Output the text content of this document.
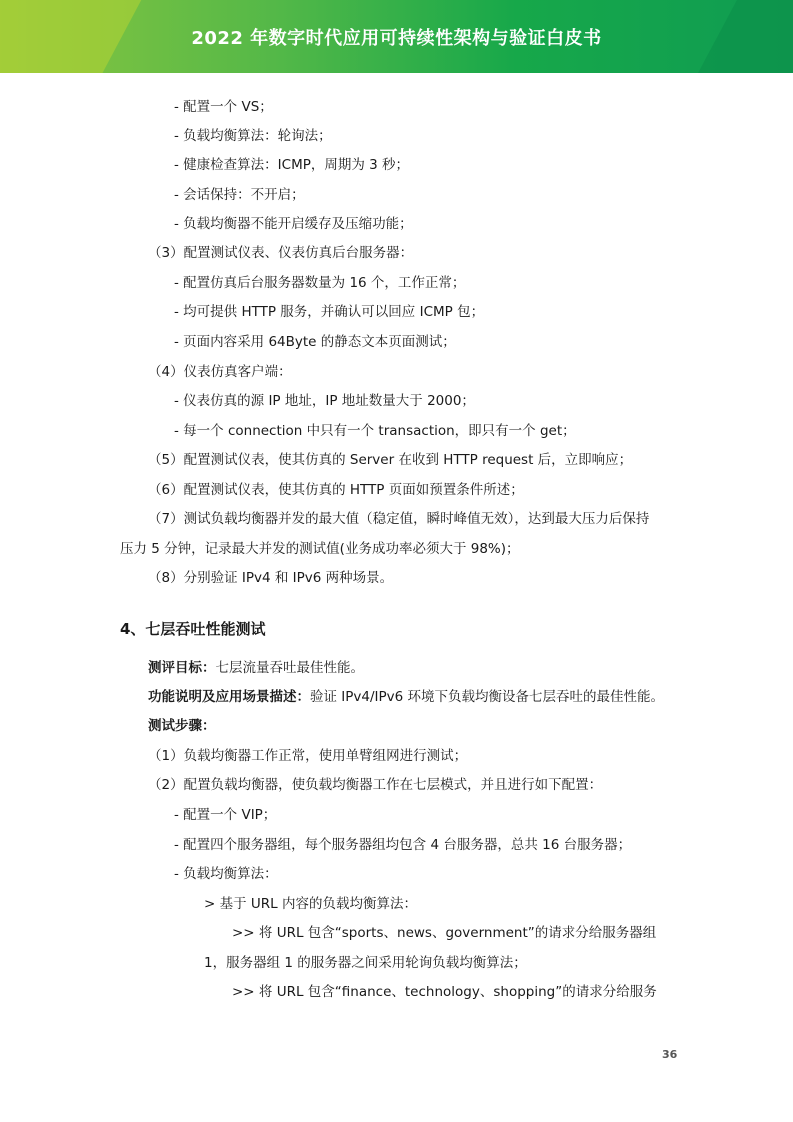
2022 年数字时代应用可持续性架构与验证白皮书
- 配置一个 VS；
- 负载均衡算法：轮询法；
- 健康检查算法：ICMP，周期为 3 秒；
- 会话保持：不开启；
- 负载均衡器不能开启缓存及压缩功能；
（3）配置测试仪表、仪表仿真后台服务器：
- 配置仿真后台服务器数量为 16 个，工作正常；
- 均可提供 HTTP 服务，并确认可以回应 ICMP 包；
- 页面内容采用 64Byte 的静态文本页面测试；
（4）仪表仿真客户端：
- 仪表仿真的源 IP 地址，IP 地址数量大于 2000；
- 每一个 connection 中只有一个 transaction，即只有一个 get；
（5）配置测试仪表，使其仿真的 Server 在收到 HTTP request 后，立即响应；
（6）配置测试仪表，使其仿真的 HTTP 页面如预置条件所述；
（7）测试负载均衡器并发的最大值（稳定值，瞬时峰值无效），达到最大压力后保持
压力 5 分钟，记录最大并发的测试值(业务成功率必须大于 98%)；
（8）分别验证 IPv4 和 IPv6 两种场景。
测评目标：七层流量吞吐最佳性能。
功能说明及应用场景描述：验证 IPv4/IPv6 环境下负载均衡设备七层吞吐的最佳性能。
测试步骤：
（1）负载均衡器工作正常，使用单臂组网进行测试；
（2）配置负载均衡器，使负载均衡器工作在七层模式，并且进行如下配置：
- 配置一个 VIP；
- 配置四个服务器组，每个服务器组均包含 4 台服务器，总共 16 台服务器；
- 负载均衡算法：
> 基于 URL 内容的负载均衡算法：
>> 将 URL 包含“sports、news、government”的请求分给服务器组
1，服务器组 1 的服务器之间采用轮询负载均衡算法；
>> 将 URL 包含“finance、technology、shopping”的请求分给服务
4、七层吞吐性能测试
36
